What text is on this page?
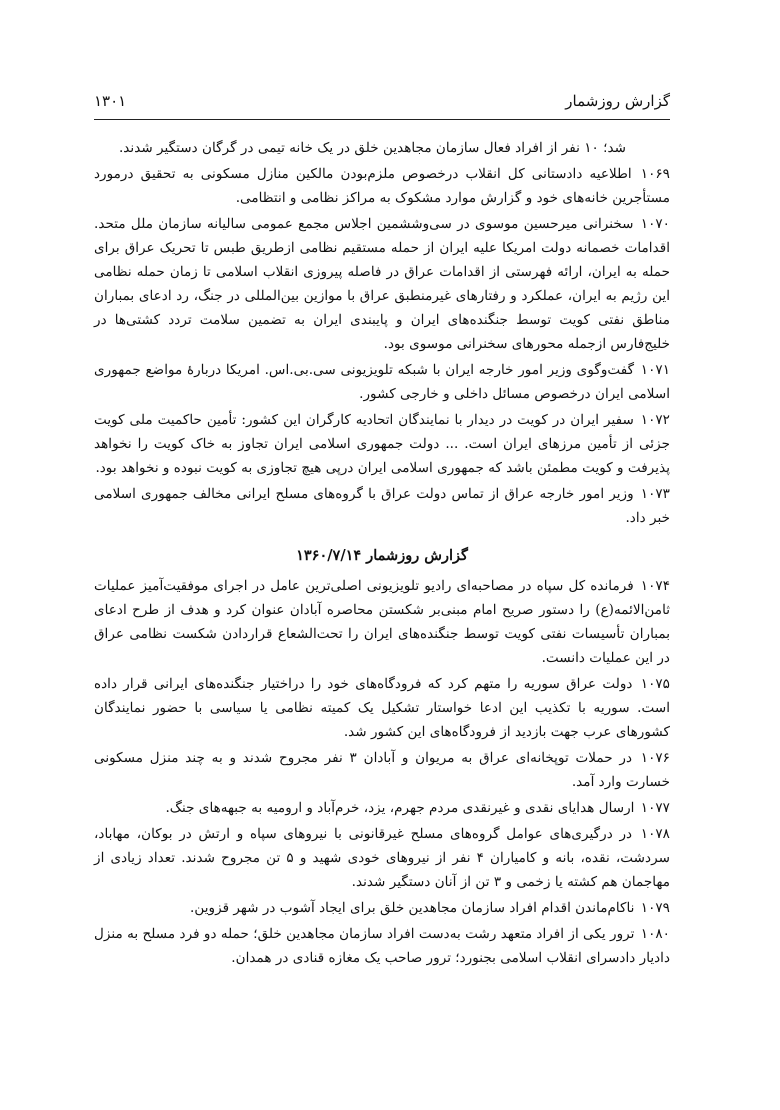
گزارش روزشمار
۱۳۰۱

شد؛ ۱۰ نفر از افراد فعال سازمان مجاهدین خلق در یک خانه تیمی در گرگان دستگیر شدند.

۱۰۶۹ اطلاعیه دادستانی کل انقلاب درخصوص ملزم‌بودن مالکین منازل مسکونی به تحقیق درمورد مستأجرین خانه‌های خود و گزارش موارد مشکوک به مراکز نظامی و انتظامی.

۱۰۷۰ سخنرانی میرحسین موسوی در سی‌وششمین اجلاس مجمع عمومی سالیانه سازمان ملل متحد. اقدامات خصمانه دولت امریکا علیه ایران از حمله مستقیم نظامی ازطریق طبس تا تحریک عراق برای حمله به ایران، ارائه فهرستی از اقدامات عراق در فاصله پیروزی انقلاب اسلامی تا زمان حمله نظامی این رژیم به ایران، عملکرد و رفتارهای غیرمنطبق عراق با موازین بین‌المللی در جنگ، رد ادعای بمباران مناطق نفتی کویت توسط جنگنده‌های ایران و پایبندی ایران به تضمین سلامت تردد کشتی‌ها در خلیج‌فارس ازجمله محورهای سخنرانی موسوی بود.

۱۰۷۱ گفت‌وگوی وزیر امور خارجه ایران با شبکه تلویزیونی سی.بی.اس. امریکا دربارهٔ مواضع جمهوری اسلامی ایران درخصوص مسائل داخلی و خارجی کشور.

۱۰۷۲ سفیر ایران در کویت در دیدار با نمایندگان اتحادیه کارگران این کشور: تأمین حاکمیت ملی کویت جزئی از تأمین مرزهای ایران است. ... دولت جمهوری اسلامی ایران تجاوز به خاک کویت را نخواهد پذیرفت و کویت مطمئن باشد که جمهوری اسلامی ایران درپی هیچ تجاوزی به کویت نبوده و نخواهد بود.

۱۰۷۳ وزیر امور خارجه عراق از تماس دولت عراق با گروه‌های مسلح ایرانی مخالف جمهوری اسلامی خبر داد.

گزارش روزشمار ۱۳۶۰/۷/۱۴

۱۰۷۴ فرمانده کل سپاه در مصاحبه‌ای رادیو تلویزیونی اصلی‌ترین عامل در اجرای موفقیت‌آمیز عملیات ثامن‌الائمه(ع) را دستور صریح امام مبنی‌بر شکستن محاصره آبادان عنوان کرد و هدف از طرح ادعای بمباران تأسیسات نفتی کویت توسط جنگنده‌های ایران را تحت‌الشعاع قراردادن شکست نظامی عراق در این عملیات دانست.

۱۰۷۵ دولت عراق سوریه را متهم کرد که فرودگاه‌های خود را دراختیار جنگنده‌های ایرانی قرار داده است. سوریه با تکذیب این ادعا خواستار تشکیل یک کمیته نظامی یا سیاسی با حضور نمایندگان کشورهای عرب جهت بازدید از فرودگاه‌های این کشور شد.

۱۰۷۶ در حملات توپخانه‌ای عراق به مریوان و آبادان ۳ نفر مجروح شدند و به چند منزل مسکونی خسارت وارد آمد.

۱۰۷۷ ارسال هدایای نقدی و غیرنقدی مردم جهرم، یزد، خرم‌آباد و ارومیه به جبهه‌های جنگ.

۱۰۷۸ در درگیری‌های عوامل گروه‌های مسلح غیرقانونی با نیروهای سپاه و ارتش در بوکان، مهاباد، سردشت، نقده، بانه و کامیاران ۴ نفر از نیروهای خودی شهید و ۵ تن مجروح شدند. تعداد زیادی از مهاجمان هم کشته یا زخمی و ۳ تن از آنان دستگیر شدند.

۱۰۷۹ ناکام‌ماندن اقدام افراد سازمان مجاهدین خلق برای ایجاد آشوب در شهر قزوین.

۱۰۸۰ ترور یکی از افراد متعهد رشت به‌دست افراد سازمان مجاهدین خلق؛ حمله دو فرد مسلح به منزل دادیار دادسرای انقلاب اسلامی بجنورد؛ ترور صاحب یک مغازه قنادی در همدان.
